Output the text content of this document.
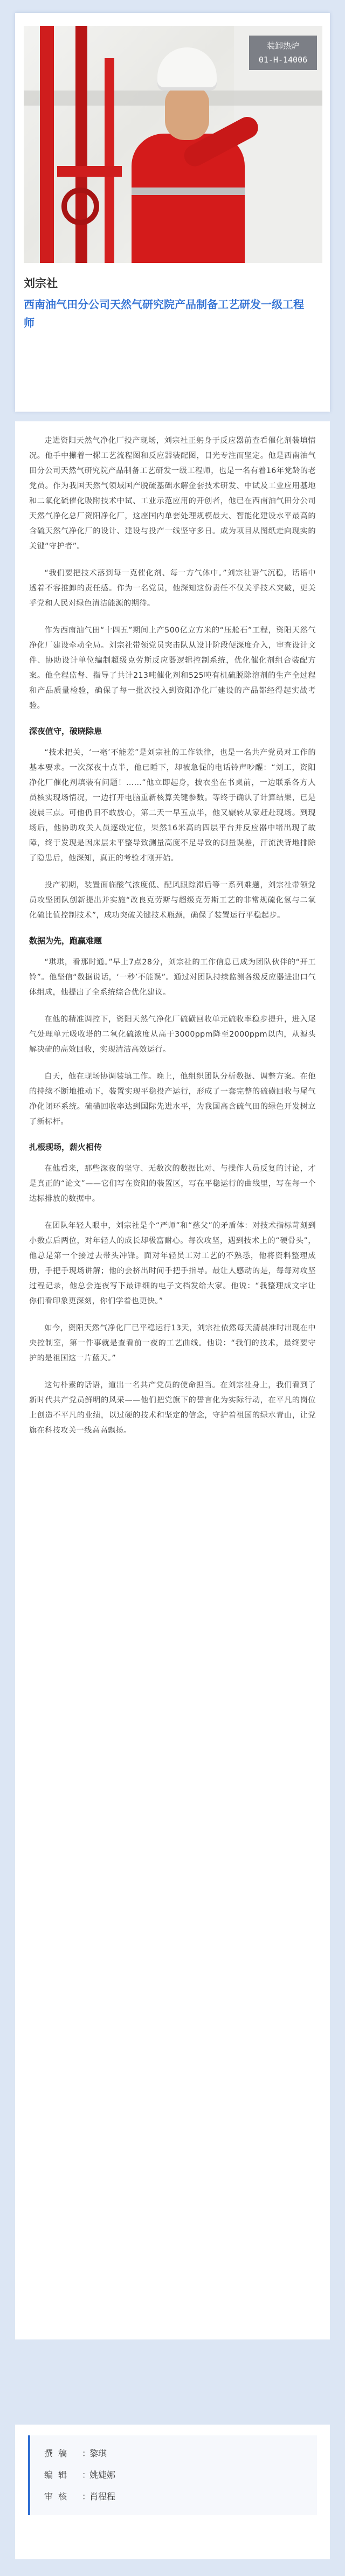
装卸热炉
01-H-14006
刘宗社
西南油气田分公司天然气研究院产品制备工艺研发一级工程师

走进资阳天然气净化厂投产现场，刘宗社正躬身于反应器前查看催化剂装填情况。他手中攥着一摞工艺流程图和反应器装配图，目光专注而坚定。他是西南油气田分公司天然气研究院产品制备工艺研发一级工程师，也是一名有着16年党龄的老党员。作为我国天然气领域国产脱硫基础水解金套技术研发、中试及工业应用基地和二氧化硫催化吸附技术中试、工业示范应用的开创者，他已在西南油气田分公司天然气净化总厂资阳净化厂，这座国内单套处理规模最大、智能化建设水平最高的含硫天然气净化厂的设计、建设与投产一线坚守多日。成为项目从图纸走向现实的关键“守护者”。

“我们要把技术落到每一克催化剂、每一方气体中。”刘宗社语气沉稳，话语中透着不容推卸的责任感。作为一名党员，他深知这份责任不仅关乎技术突破，更关乎党和人民对绿色清洁能源的期待。

作为西南油气田“十四五”期间上产500亿立方米的“压舱石”工程，资阳天然气净化厂建设牵动全局。刘宗社带领党员突击队从设计阶段便深度介入，审查设计文件、协助设计单位编制超级克劳斯反应器逻辑控制系统，优化催化剂组合装配方案。他全程监督、指导了共计213吨催化剂和525吨有机硫脱除溶剂的生产全过程和产品质量检验，确保了每一批次投入到资阳净化厂建设的产品都经得起实战考验。

深夜值守，破晓除患

“技术把关，‘一毫’不能差”是刘宗社的工作铁律，也是一名共产党员对工作的基本要求。一次深夜十点半，他已睡下，却被急促的电话铃声吵醒：“刘工，资阳净化厂催化剂填装有问题！……”他立即起身，披衣坐在书桌前，一边联系各方人员核实现场情况，一边打开电脑重新核算关键参数。等终于确认了计算结果，已是凌晨三点。可他仍旧不敢放心，第二天一早五点半，他又辗转从家赶赴现场。到现场后，他协助攻关人员逐级定位，果然16米高的四层平台并反应器中堵出现了故障，终于发现是因床层未平整导致测量高度不足导致的测量误差，汗流浃背地排除了隐患后，他深知，真正的考验才刚开始。

投产初期，装置面临酸气浓度低、配风跟踪滞后等一系列难题，刘宗社带领党员攻坚团队创新提出并实施“改良克劳斯与超级克劳斯工艺的非常规硫化氢与二氧化硫比值控制技术”，成功突破关键技术瓶颈，确保了装置运行平稳起步。

数据为先，跑赢难题

“琪琪，看那时通。”早上7点28分，刘宗社的工作信息已成为团队伙伴的“开工铃”。他坚信“数据说话，‘一秒’不能误”。通过对团队持续监测各级反应器进出口气体组成，他提出了全系统综合优化建议。

在他的精准调控下，资阳天然气净化厂硫磺回收单元硫收率稳步提升，进入尾气处理单元吸收塔的二氧化硫浓度从高于3000ppm降至2000ppm以内，从源头解决硫的高效回收，实现清洁高效运行。

白天，他在现场协调装填工作。晚上，他组织团队分析数据、调整方案。在他的持续不断地推动下，装置实现平稳投产运行，形成了一套完整的硫磺回收与尾气净化闭环系统。硫磺回收率达到国际先进水平，为我国高含硫气田的绿色开发树立了新标杆。

扎根现场，薪火相传

在他看来，那些深夜的坚守、无数次的数据比对、与操作人员反复的讨论，才是真正的“论文”——它们写在资阳的装置区，写在平稳运行的曲线里，写在每一个达标排放的数据中。

在团队年轻人眼中，刘宗社是个“严师”和“慈父”的矛盾体：对技术指标苛刻到小数点后两位，对年轻人的成长却极富耐心。每次攻坚，遇到技术上的“硬骨头”，他总是第一个接过去带头冲锋。面对年轻员工对工艺的不熟悉，他将资料整理成册，手把手现场讲解；他的会挤出时间手把手指导。最让人感动的是，每每对攻坚过程记录，他总会连夜写下最详细的电子文档发给大家。他说：“我整理成文字让你们看印象更深刻，你们学着也更快。”

如今，资阳天然气净化厂已平稳运行13天，刘宗社依然每天清晨准时出现在中央控制室，第一件事就是查看前一夜的工艺曲线。他说：“我们的技术，最终要守护的是祖国这一片蓝天。”

这句朴素的话语，道出一名共产党员的使命担当。在刘宗社身上，我们看到了新时代共产党员鲜明的风采——他们把党旗下的誓言化为实际行动，在平凡的岗位上创造不平凡的业绩，以过硬的技术和坚定的信念，守护着祖国的绿水青山，让党旗在科技攻关一线高高飘扬。

撰稿 ：黎琪
编辑 ：姚婕娜
审核 ：肖程程
